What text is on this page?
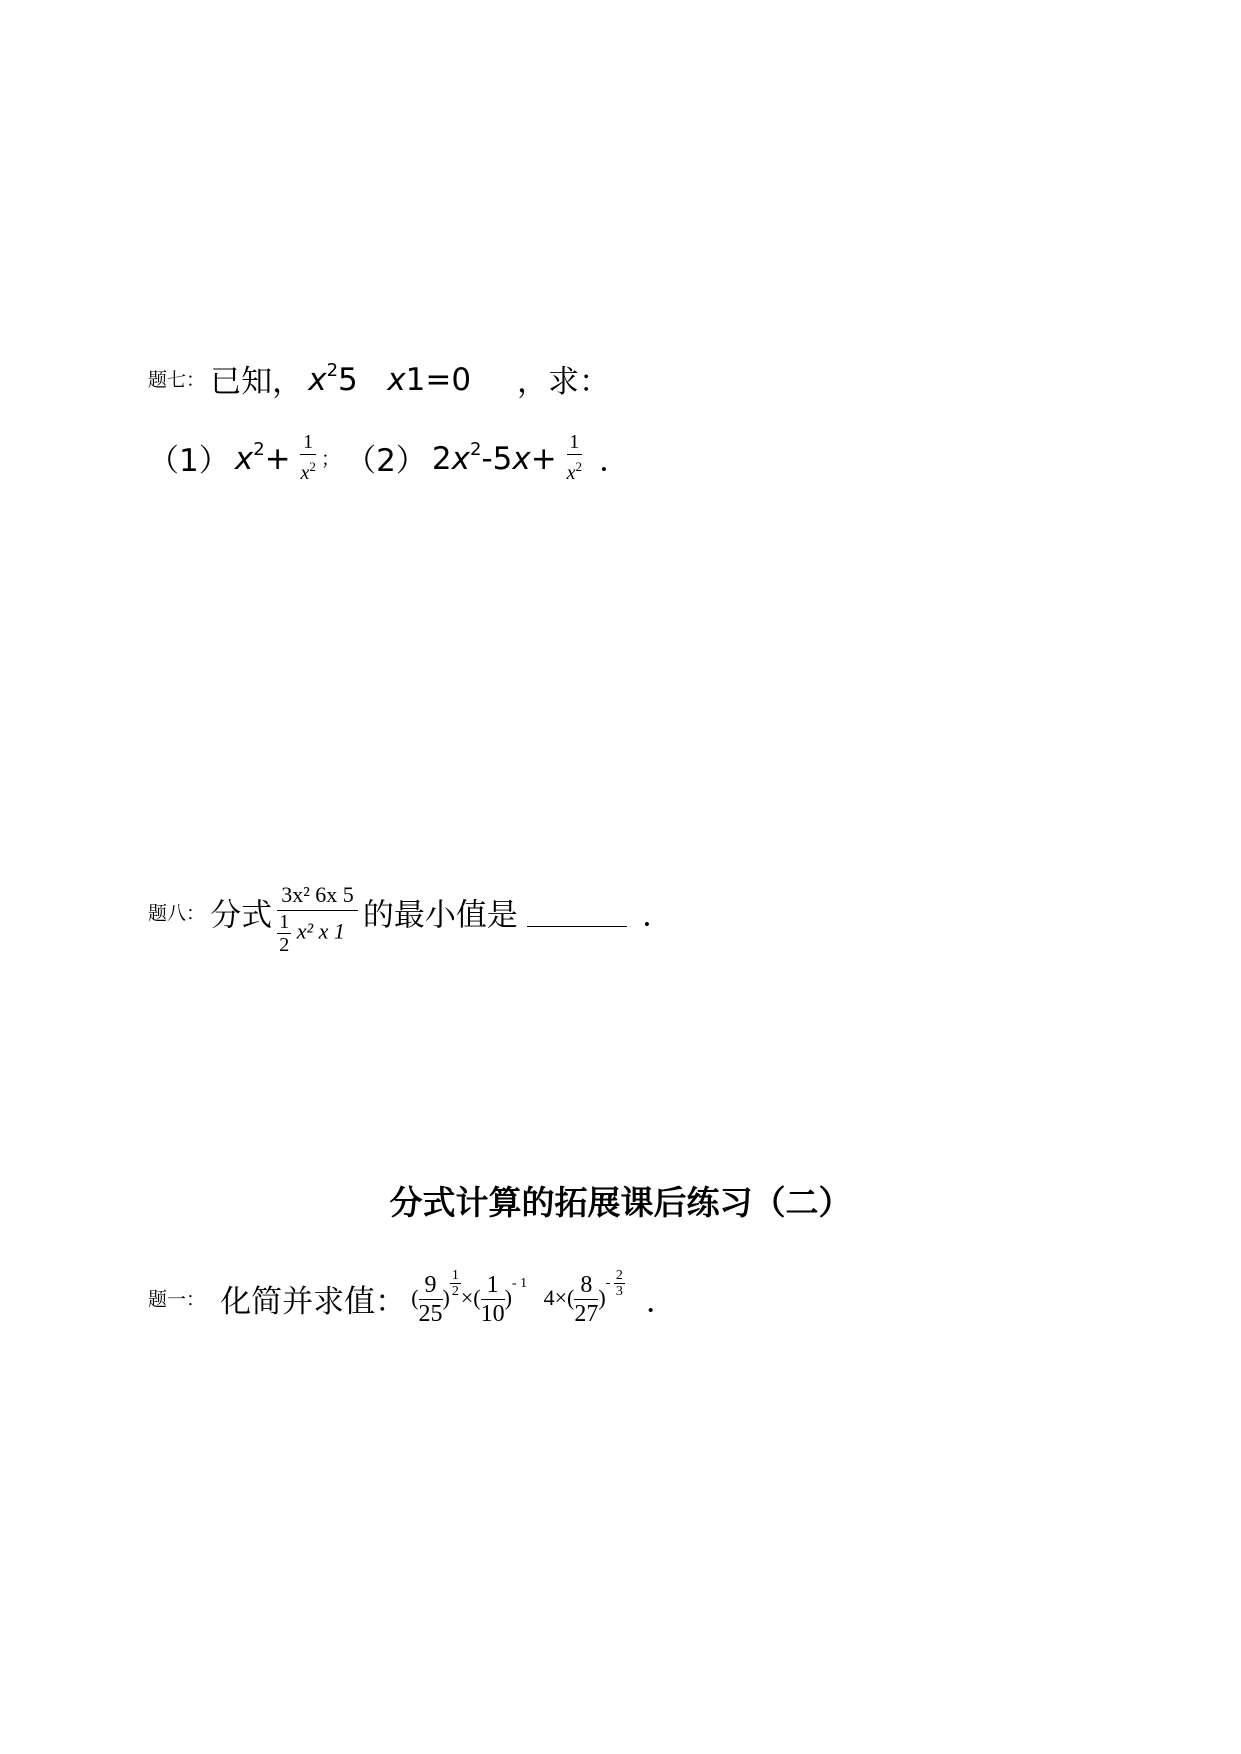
题七： 已知， $x^25$ x1=0 ，求：
（1） $x^2+ \frac{1}{x^2}$ ； （2） $2x^2-5x+ \frac{1}{x^2}$ ．
题八： 分式 $\frac{\text{3x² 6x 5}}{\frac{1}{2} x^2 x 1}$ 的最小值是	．
分式计算的拓展课后练习（二）
题一： 化简并求值： ( $\frac{9}{25}$ ) $\frac{1}{2}$ ×( $\frac{1}{10}$ )- 1   $4\times( \frac{8}{27}$ )- $\frac{2}{3}$
．
